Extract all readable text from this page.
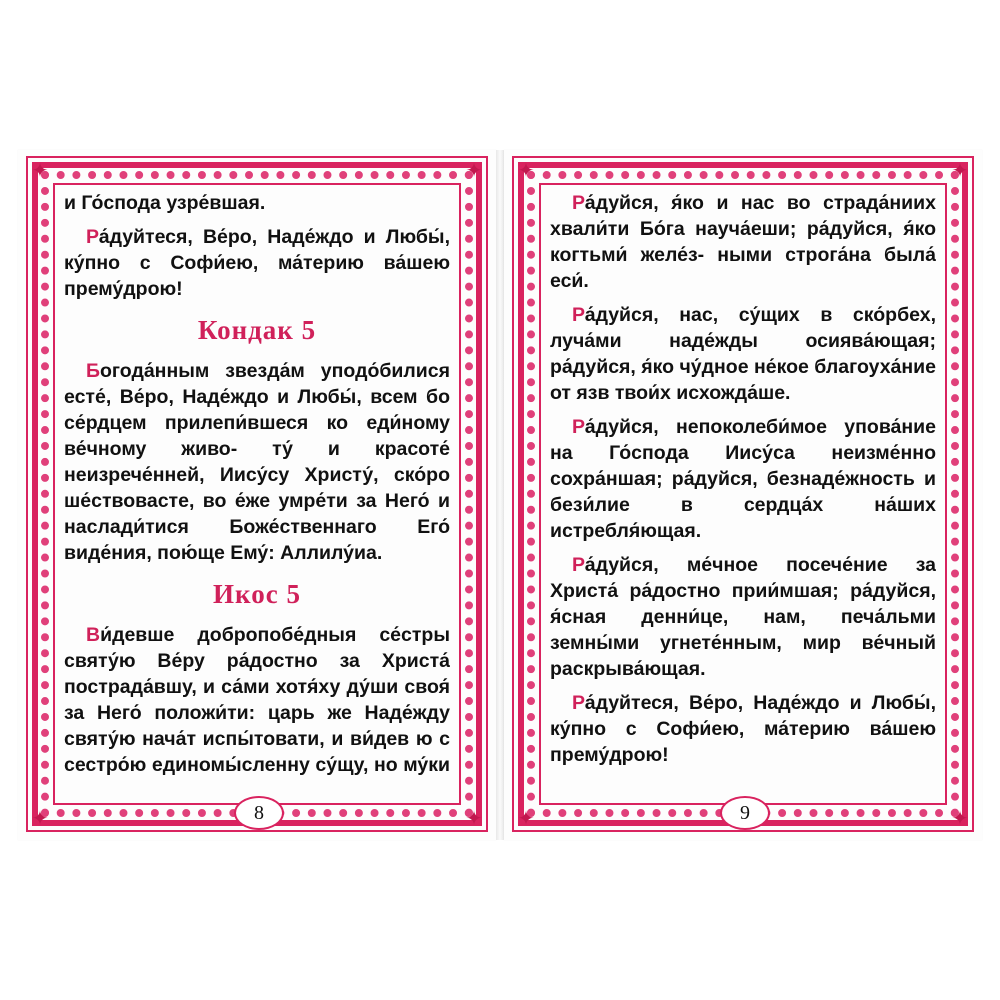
✦	✦
✦	✦

и Го́спода узре́вшая.

Ра́дуйтеся, Ве́ро, Наде́ждо и Любы́, ку́пно с Софи́ею, ма́терию ва́шею прему́дрою!

Кондак 5

Богода́нным звезда́м уподо́билися есте́, Ве́ро, Наде́ждо и Любы́, всем бо се́рдцем прилепи́вшеся ко еди́ному ве́чному живо- ту́ и красоте́ неизрече́нней, Иису́су Христу́, ско́ро ше́ствовасте, во е́же умре́ти за Него́ и наслади́тися Боже́ственнаго Его́ виде́ния, пою́ще Ему́: Аллилу́иа.

Икос 5

Ви́девше добропобе́дныя се́стры святу́ю Ве́ру ра́достно за Христа́ пострада́вшу, и са́ми хотя́ху ду́ши своя́ за Него́ положи́ти: царь же Наде́жду святу́ю нача́т испы́товати, и ви́дев ю с сестро́ю единомы́сленну су́щу, но му́ки

8
✦	✦
✦	✦

Ра́дуйся, я́ко и нас во страда́ниих хвали́ти Бо́га науча́еши; ра́дуйся, я́ко когтьми́ желе́з- ными строга́на была́ еси́.

Ра́дуйся, нас, су́щих в ско́рбех, луча́ми наде́жды осиява́ющая; ра́дуйся, я́ко чу́дное не́кое благоуха́ние от язв твои́х исхожда́ше.

Ра́дуйся, непоколеби́мое упова́ние на Го́спода Иису́са неизме́нно сохра́ншая; ра́дуйся, безнаде́жность и бези́лие в сердца́х на́ших истребля́ющая.

Ра́дуйся, ме́чное посече́ние за Христа́ ра́достно прии́мшая; ра́дуйся, я́сная денни́це, нам, печа́льми земны́ми угнете́нным, мир ве́чный раскрыва́ющая.

Ра́дуйтеся, Ве́ро, Наде́ждо и Любы́, ку́пно с Софи́ею, ма́терию ва́шею прему́дрою!

9
